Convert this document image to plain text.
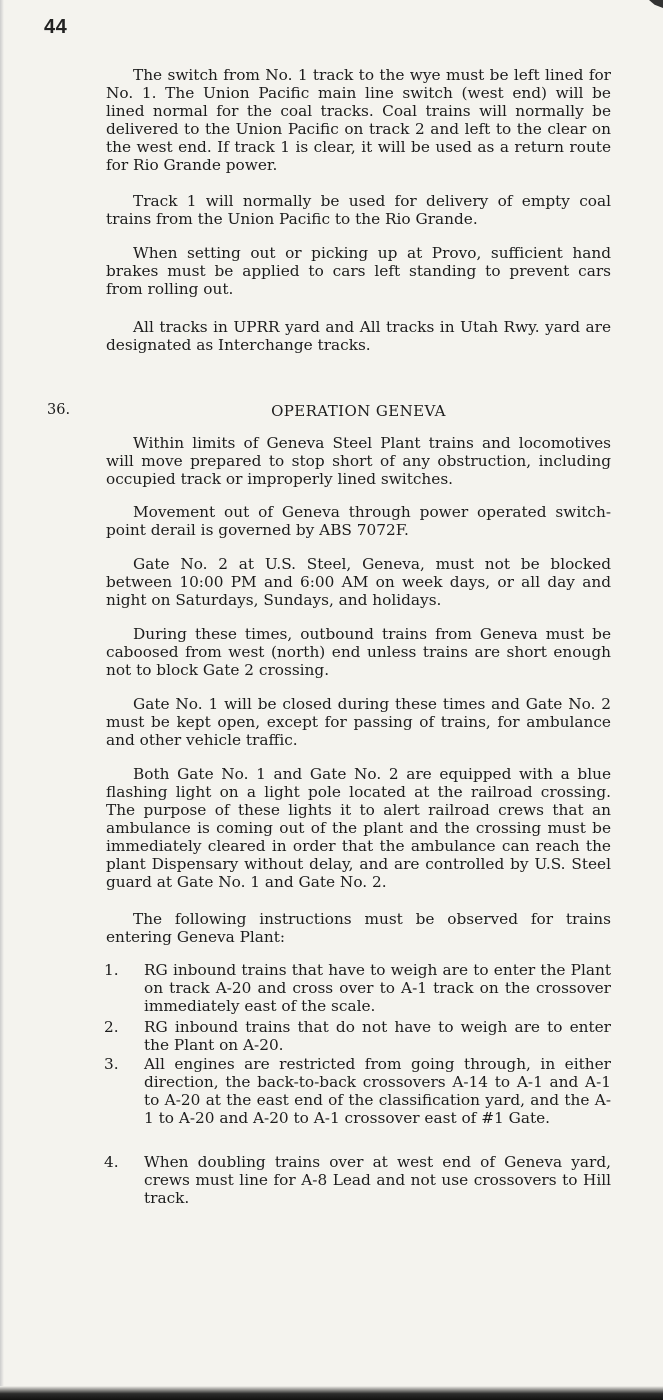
44

The switch from No. 1 track to the wye must be left lined for No. 1. The Union Pacific main line switch (west end) will be lined normal for the coal tracks. Coal trains will normally be delivered to the Union Pacific on track 2 and left to the clear on the west end. If track 1 is clear, it will be used as a return route for Rio Grande power.

Track 1 will normally be used for delivery of empty coal trains from the Union Pacific to the Rio Grande.

When setting out or picking up at Provo, sufficient hand brakes must be applied to cars left standing to prevent cars from rolling out.

All tracks in UPRR yard and All tracks in Utah Rwy. yard are designated as Interchange tracks.

36.	OPERATION GENEVA

Within limits of Geneva Steel Plant trains and locomotives will move prepared to stop short of any obstruction, including occupied track or improperly lined switches.

Movement out of Geneva through power operated switch-point derail is governed by ABS 7072F.

Gate No. 2 at U.S. Steel, Geneva, must not be blocked between 10:00 PM and 6:00 AM on week days, or all day and night on Saturdays, Sundays, and holidays.

During these times, outbound trains from Geneva must be caboosed from west (north) end unless trains are short enough not to block Gate 2 crossing.

Gate No. 1 will be closed during these times and Gate No. 2 must be kept open, except for passing of trains, for ambulance and other vehicle traffic.

Both Gate No. 1 and Gate No. 2 are equipped with a blue flashing light on a light pole located at the railroad crossing. The purpose of these lights it to alert railroad crews that an ambulance is coming out of the plant and the crossing must be immediately cleared in order that the ambulance can reach the plant Dispensary without delay, and are controlled by U.S. Steel guard at Gate No. 1 and Gate No. 2.

The following instructions must be observed for trains entering Geneva Plant:

1. RG inbound trains that have to weigh are to enter the Plant on track A-20 and cross over to A-1 track on the crossover immediately east of the scale.

2. RG inbound trains that do not have to weigh are to enter the Plant on A-20.

3. All engines are restricted from going through, in either direction, the back-to-back crossovers A-14 to A-1 and A-1 to A-20 at the east end of the classification yard, and the A-1 to A-20 and A-20 to A-1 crossover east of #1 Gate.

4. When doubling trains over at west end of Geneva yard, crews must line for A-8 Lead and not use crossovers to Hill track.
